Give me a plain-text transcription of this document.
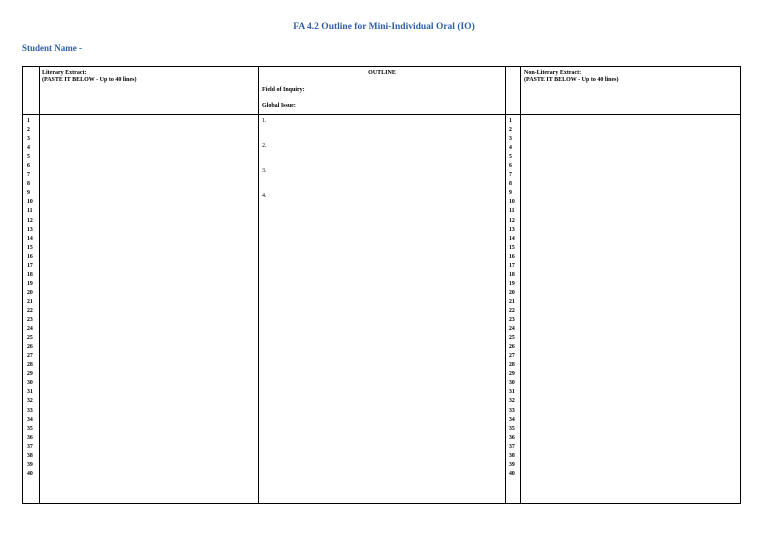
FA 4.2 Outline for Mini-Individual Oral (IO)
Student Name -
Literary Extract:
(PASTE IT BELOW - Up to 40 lines)
OUTLINE
Field of Inquiry:
Global Issue:
Non-Literary Extract:
(PASTE IT BELOW - Up to 40 lines)
1
2
3
4
5
6
7
8
9
10
11
12
13
14
15
16
17
18
19
20
21
22
23
24
25
26
27
28
29
30
31
32
33
34
35
36
37
38
39
40
1.
2.
3.
4.
1
2
3
4
5
6
7
8
9
10
11
12
13
14
15
16
17
18
19
20
21
22
23
24
25
26
27
28
29
30
31
32
33
34
35
36
37
38
39
40
